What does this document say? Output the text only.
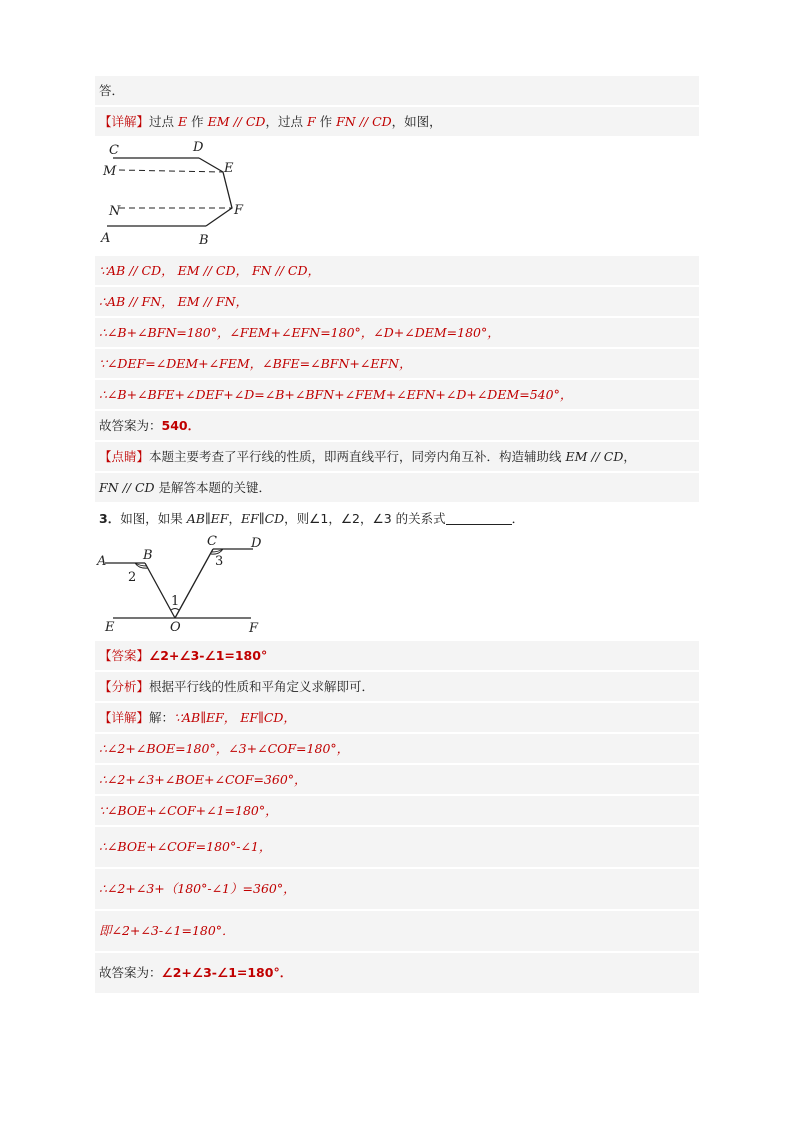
答．
【详解】过点 E 作 EM // CD，过点 F 作 FN // CD，如图，
C	D
M	E
N	F
A	B
∵AB // CD， EM // CD， FN // CD，
∴AB // FN， EM // FN，
∴∠B+∠BFN=180°，∠FEM+∠EFN=180°，∠D+∠DEM=180°，
∵∠DEF=∠DEM+∠FEM，∠BFE=∠BFN+∠EFN，
∴∠B+∠BFE+∠DEF+∠D=∠B+∠BFN+∠FEM+∠EFN+∠D+∠DEM=540°，
故答案为：540．
【点睛】本题主要考查了平行线的性质，即两直线平行，同旁内角互补．构造辅助线 EM // CD，
FN // CD 是解答本题的关键．
3．如图，如果 AB∥EF，EF∥CD，则∠1，∠2，∠3 的关系式	．
A	B
C	D
E	O	F
1
2
3
【答案】∠2+∠3-∠1=180°
【分析】根据平行线的性质和平角定义求解即可．
【详解】解：∵AB∥EF， EF∥CD，
∴∠2+∠BOE=180°，∠3+∠COF=180°，
∴∠2+∠3+∠BOE+∠COF=360°，
∵∠BOE+∠COF+∠1=180°，
∴∠BOE+∠COF=180°-∠1，
∴∠2+∠3+（180°-∠1）=360°，
即∠2+∠3-∠1=180°．
故答案为：∠2+∠3-∠1=180°．
